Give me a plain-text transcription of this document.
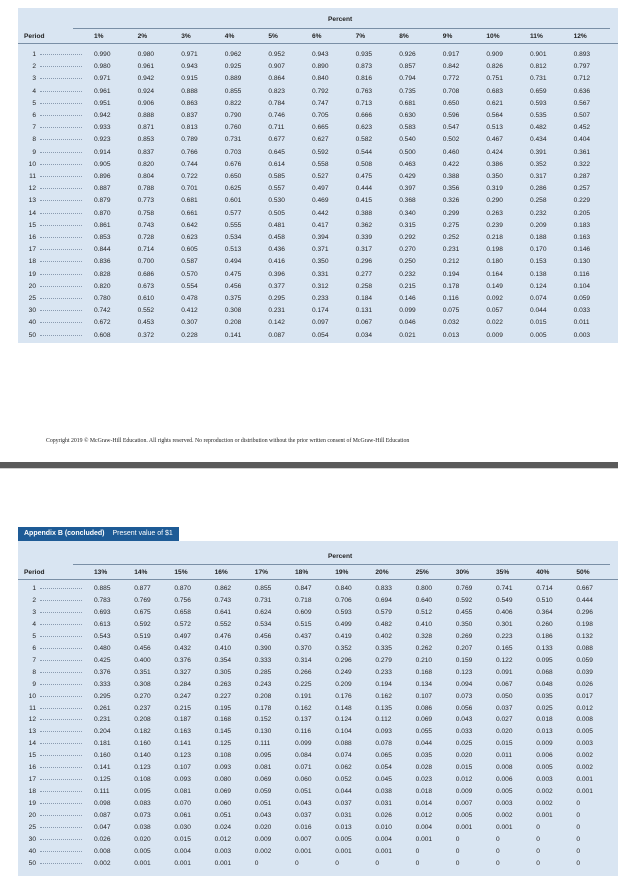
Percent
Period	1%	2%	3%	4%	5%	6%	7%	8%	9%	10%	11%	12%
1	0.990	0.980	0.971	0.962	0.952	0.943	0.935	0.926	0.917	0.909	0.901	0.893
2	0.980	0.961	0.943	0.925	0.907	0.890	0.873	0.857	0.842	0.826	0.812	0.797
3	0.971	0.942	0.915	0.889	0.864	0.840	0.816	0.794	0.772	0.751	0.731	0.712
4	0.961	0.924	0.888	0.855	0.823	0.792	0.763	0.735	0.708	0.683	0.659	0.636
5	0.951	0.906	0.863	0.822	0.784	0.747	0.713	0.681	0.650	0.621	0.593	0.567
6	0.942	0.888	0.837	0.790	0.746	0.705	0.666	0.630	0.596	0.564	0.535	0.507
7	0.933	0.871	0.813	0.760	0.711	0.665	0.623	0.583	0.547	0.513	0.482	0.452
8	0.923	0.853	0.789	0.731	0.677	0.627	0.582	0.540	0.502	0.467	0.434	0.404
9	0.914	0.837	0.766	0.703	0.645	0.592	0.544	0.500	0.460	0.424	0.391	0.361
10	0.905	0.820	0.744	0.676	0.614	0.558	0.508	0.463	0.422	0.386	0.352	0.322
11	0.896	0.804	0.722	0.650	0.585	0.527	0.475	0.429	0.388	0.350	0.317	0.287
12	0.887	0.788	0.701	0.625	0.557	0.497	0.444	0.397	0.356	0.319	0.286	0.257
13	0.879	0.773	0.681	0.601	0.530	0.469	0.415	0.368	0.326	0.290	0.258	0.229
14	0.870	0.758	0.661	0.577	0.505	0.442	0.388	0.340	0.299	0.263	0.232	0.205
15	0.861	0.743	0.642	0.555	0.481	0.417	0.362	0.315	0.275	0.239	0.209	0.183
16	0.853	0.728	0.623	0.534	0.458	0.394	0.339	0.292	0.252	0.218	0.188	0.163
17	0.844	0.714	0.605	0.513	0.436	0.371	0.317	0.270	0.231	0.198	0.170	0.146
18	0.836	0.700	0.587	0.494	0.416	0.350	0.296	0.250	0.212	0.180	0.153	0.130
19	0.828	0.686	0.570	0.475	0.396	0.331	0.277	0.232	0.194	0.164	0.138	0.116
20	0.820	0.673	0.554	0.456	0.377	0.312	0.258	0.215	0.178	0.149	0.124	0.104
25	0.780	0.610	0.478	0.375	0.295	0.233	0.184	0.146	0.116	0.092	0.074	0.059
30	0.742	0.552	0.412	0.308	0.231	0.174	0.131	0.099	0.075	0.057	0.044	0.033
40	0.672	0.453	0.307	0.208	0.142	0.097	0.067	0.046	0.032	0.022	0.015	0.011
50	0.608	0.372	0.228	0.141	0.087	0.054	0.034	0.021	0.013	0.009	0.005	0.003
Copyright 2019 © McGraw-Hill Education. All rights reserved. No reproduction or distribution without the prior written consent of McGraw-Hill Education
Appendix B (concluded) Present value of $1
Percent
Period	13%	14%	15%	16%	17%	18%	19%	20%	25%	30%	35%	40%	50%
1	0.885	0.877	0.870	0.862	0.855	0.847	0.840	0.833	0.800	0.769	0.741	0.714	0.667
2	0.783	0.769	0.756	0.743	0.731	0.718	0.706	0.694	0.640	0.592	0.549	0.510	0.444
3	0.693	0.675	0.658	0.641	0.624	0.609	0.593	0.579	0.512	0.455	0.406	0.364	0.296
4	0.613	0.592	0.572	0.552	0.534	0.515	0.499	0.482	0.410	0.350	0.301	0.260	0.198
5	0.543	0.519	0.497	0.476	0.456	0.437	0.419	0.402	0.328	0.269	0.223	0.186	0.132
6	0.480	0.456	0.432	0.410	0.390	0.370	0.352	0.335	0.262	0.207	0.165	0.133	0.088
7	0.425	0.400	0.376	0.354	0.333	0.314	0.296	0.279	0.210	0.159	0.122	0.095	0.059
8	0.376	0.351	0.327	0.305	0.285	0.266	0.249	0.233	0.168	0.123	0.091	0.068	0.039
9	0.333	0.308	0.284	0.263	0.243	0.225	0.209	0.194	0.134	0.094	0.067	0.048	0.026
10	0.295	0.270	0.247	0.227	0.208	0.191	0.176	0.162	0.107	0.073	0.050	0.035	0.017
11	0.261	0.237	0.215	0.195	0.178	0.162	0.148	0.135	0.086	0.056	0.037	0.025	0.012
12	0.231	0.208	0.187	0.168	0.152	0.137	0.124	0.112	0.069	0.043	0.027	0.018	0.008
13	0.204	0.182	0.163	0.145	0.130	0.116	0.104	0.093	0.055	0.033	0.020	0.013	0.005
14	0.181	0.160	0.141	0.125	0.111	0.099	0.088	0.078	0.044	0.025	0.015	0.009	0.003
15	0.160	0.140	0.123	0.108	0.095	0.084	0.074	0.065	0.035	0.020	0.011	0.006	0.002
16	0.141	0.123	0.107	0.093	0.081	0.071	0.062	0.054	0.028	0.015	0.008	0.005	0.002
17	0.125	0.108	0.093	0.080	0.069	0.060	0.052	0.045	0.023	0.012	0.006	0.003	0.001
18	0.111	0.095	0.081	0.069	0.059	0.051	0.044	0.038	0.018	0.009	0.005	0.002	0.001
19	0.098	0.083	0.070	0.060	0.051	0.043	0.037	0.031	0.014	0.007	0.003	0.002	0
20	0.087	0.073	0.061	0.051	0.043	0.037	0.031	0.026	0.012	0.005	0.002	0.001	0
25	0.047	0.038	0.030	0.024	0.020	0.016	0.013	0.010	0.004	0.001	0.001	0	0
30	0.026	0.020	0.015	0.012	0.009	0.007	0.005	0.004	0.001	0	0	0	0
40	0.008	0.005	0.004	0.003	0.002	0.001	0.001	0.001	0	0	0	0	0
50	0.002	0.001	0.001	0.001	0	0	0	0	0	0	0	0	0
